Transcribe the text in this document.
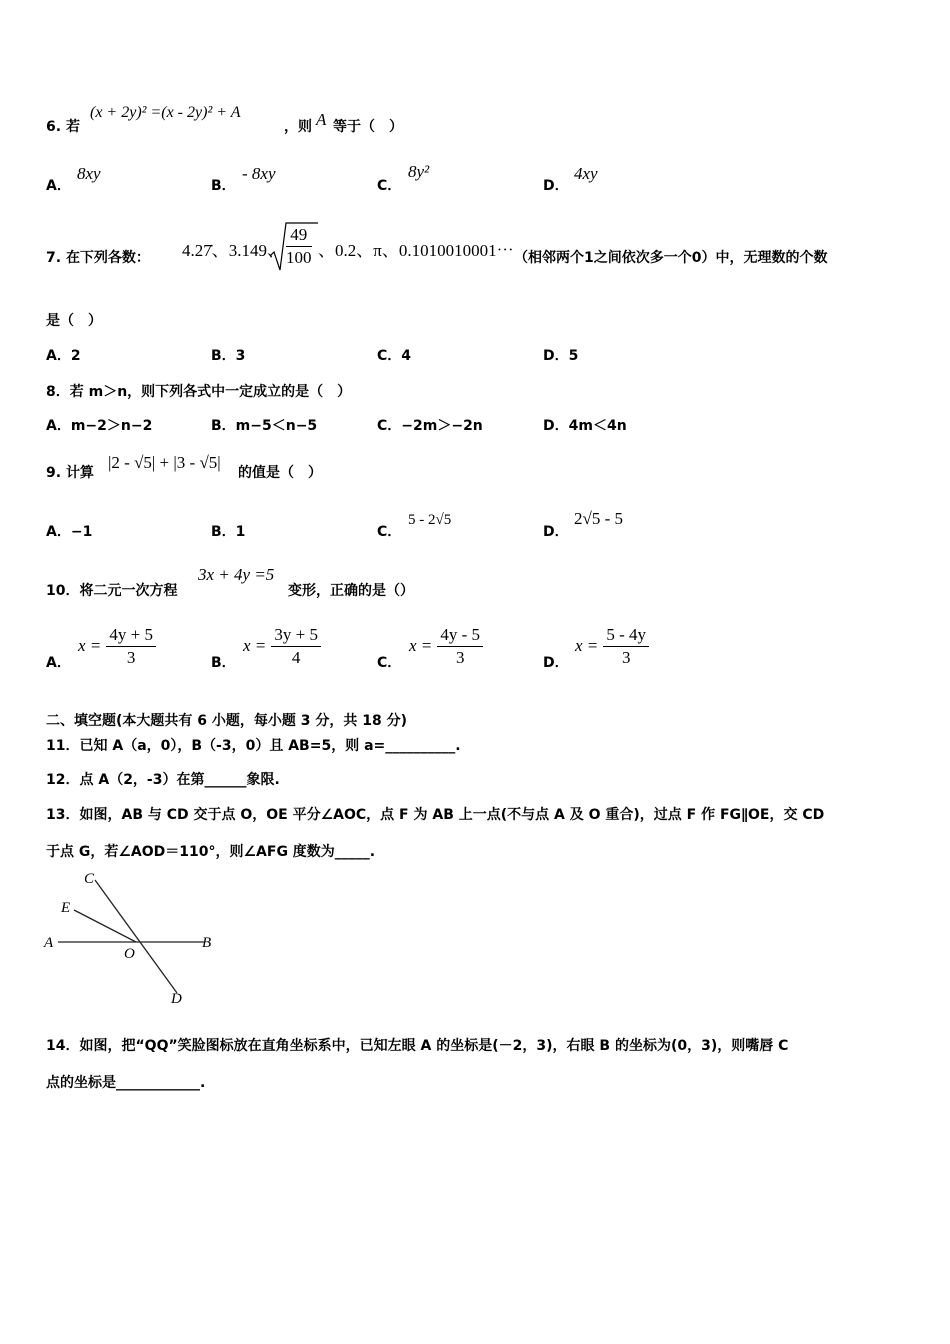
6. 若
(x + 2y)² =(x - 2y)² + A
，则 A 等于（　）
A．
8xy
B．
- 8xy
C．
8y²
D．
4xy
7. 在下列各数： 4.27̇、3.149、 $\frac{49}{100}$ 、0.2、π、0.1010010001⋯ （相邻两个1之间依次多一个0）中，无理数的个数
是（　）
A．2	B．3	C．4	D．5
8．若 m＞n，则下列各式中一定成立的是（　）
A．m−2＞n−2	B．m−5＜n−5	C．−2m＞−2n	D．4m＜4n
9. 计算
|2 - √5| + |3 - √5|
的值是（　）
A．−1	B．1	C．
5 - 2√5
D．
2√5 - 5
10．将二元一次方程
3x + 4y =5
变形，正确的是（）
A．
$x = \frac{4y + 5}{3}$	B．
$x = \frac{3y + 5}{4}$	C．
$x = \frac{4y - 5}{3}$	D．
$x = \frac{5 - 4y}{3}$
二、填空题(本大题共有 6 小题，每小题 3 分，共 18 分)
11．已知 A（a，0），B（-3，0）且 AB=5，则 a=__________.
12．点 A（2，-3）在第______象限.
13．如图，AB 与 CD 交于点 O，OE 平分∠AOC，点 F 为 AB 上一点(不与点 A 及 O 重合)，过点 F 作 FG∥OE，交 CD
于点 G，若∠AOD＝110°，则∠AFG 度数为_____.
C
E
A
O
B
D
14．如图，把“QQ”笑脸图标放在直角坐标系中，已知左眼 A 的坐标是(－2，3)，右眼 B 的坐标为(0，3)，则嘴唇 C
点的坐标是____________.
